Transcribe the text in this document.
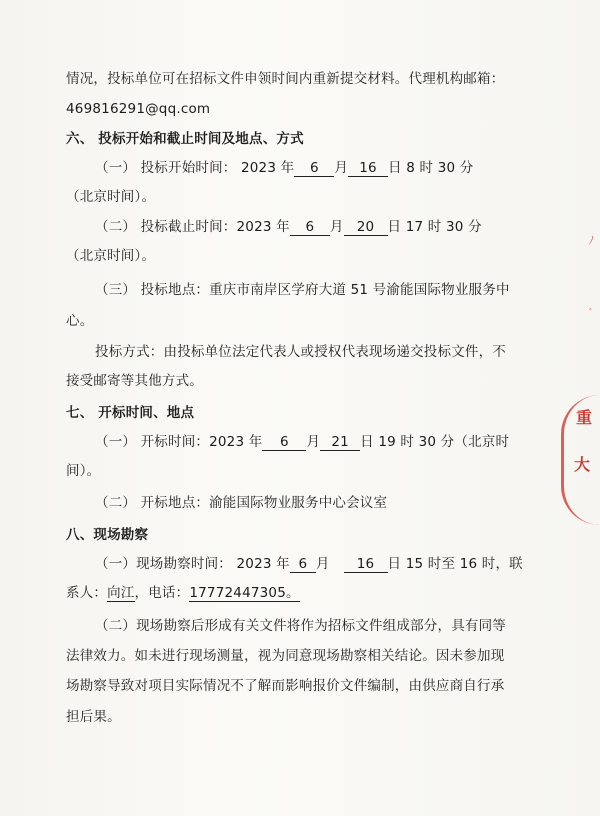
情况，投标单位可在招标文件申领时间内重新提交材料。代理机构邮箱：
469816291@qq.com
六、 投标开始和截止时间及地点、方式
（一） 投标开始时间： 2023 年 6 月 16 日 8 时 30 分
（北京时间）。
（二） 投标截止时间：2023 年 6 月 20 日 17 时 30 分
（北京时间）。
（三） 投标地点：重庆市南岸区学府大道 51 号渝能国际物业服务中
心。
投标方式：由投标单位法定代表人或授权代表现场递交投标文件，不
接受邮寄等其他方式。
七、 开标时间、地点
（一） 开标时间：2023 年 6 月 21 日 19 时 30 分（北京时
间）。
（二） 开标地点：渝能国际物业服务中心会议室
八、现场勘察
（一）现场勘察时间： 2023 年 6 月 16 日 15 时至 16 时，联
系人：向江，电话：17772447305。
（二）现场勘察后形成有关文件将作为招标文件组成部分，具有同等
法律效力。如未进行现场测量，视为同意现场勘察相关结论。因未参加现
场勘察导致对项目实际情况不了解而影响报价文件编制，由供应商自行承
担后果。
重
大
ﾉ
ﾞ
